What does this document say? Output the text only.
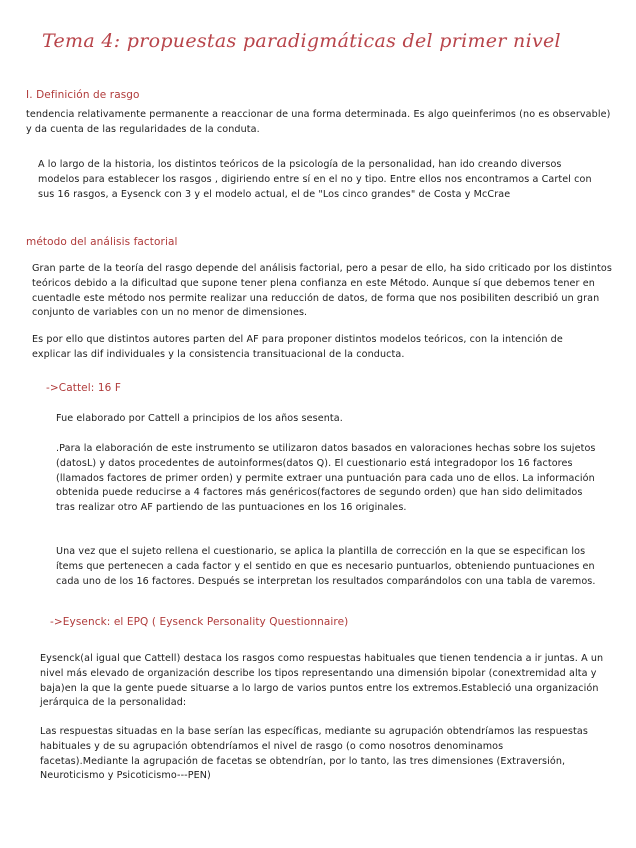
Tema 4: propuestas paradigmáticas del primer nivel
I. Definición de rasgo
tendencia relativamente permanente a reaccionar de una forma determinada. Es algo queinferimos (no es observable) y da cuenta de las regularidades de la conduta.
A lo largo de la historia, los distintos teóricos de la psicología de la personalidad, han ido creando diversos modelos para establecer los rasgos , digiriendo entre sí en el no y tipo. Entre ellos nos encontramos a Cartel con sus 16 rasgos, a Eysenck con 3 y el modelo actual, el de "Los cinco grandes" de Costa y McCrae
método del análisis factorial
Gran parte de la teoría del rasgo depende del análisis factorial, pero a pesar de ello, ha sido criticado por los distintos teóricos debido a la dificultad que supone tener plena confianza en este Método. Aunque sí que debemos tener en cuentadle este método nos permite realizar una reducción de datos, de forma que nos posibiliten describió un gran conjunto de variables con un no menor de dimensiones.
Es por ello que distintos autores parten del AF para proponer distintos modelos teóricos, con la intención de explicar las dif individuales y la consistencia transituacional de la conducta.
->Cattel: 16 F
Fue elaborado por Cattell a principios de los años sesenta.
.Para la elaboración de este instrumento se utilizaron datos basados en valoraciones hechas sobre los sujetos (datosL) y datos procedentes de autoinformes(datos Q). El cuestionario está integradopor los 16 factores (llamados factores de primer orden) y permite extraer una puntuación para cada uno de ellos. La información obtenida puede reducirse a 4 factores más genéricos(factores de segundo orden) que han sido delimitados tras realizar otro AF partiendo de las puntuaciones en los 16 originales.
Una vez que el sujeto rellena el cuestionario, se aplica la plantilla de corrección en la que se especifican los ítems que pertenecen a cada factor y el sentido en que es necesario puntuarlos, obteniendo puntuaciones en cada uno de los 16 factores. Después se interpretan los resultados comparándolos con una tabla de varemos.
->Eysenck: el EPQ ( Eysenck Personality Questionnaire)
Eysenck(al igual que Cattell) destaca los rasgos como respuestas habituales que tienen tendencia a ir juntas. A un nivel más elevado de organización describe los tipos representando una dimensión bipolar (conextremidad alta y baja)en la que la gente puede situarse a lo largo de varios puntos entre los extremos.Estableció una organización jerárquica de la personalidad:
Las respuestas situadas en la base serían las específicas, mediante su agrupación obtendríamos las respuestas habituales y de su agrupación obtendríamos el nivel de rasgo (o como nosotros denominamos facetas).Mediante la agrupación de facetas se obtendrían, por lo tanto, las tres dimensiones (Extraversión, Neuroticismo y Psicoticismo---PEN)
